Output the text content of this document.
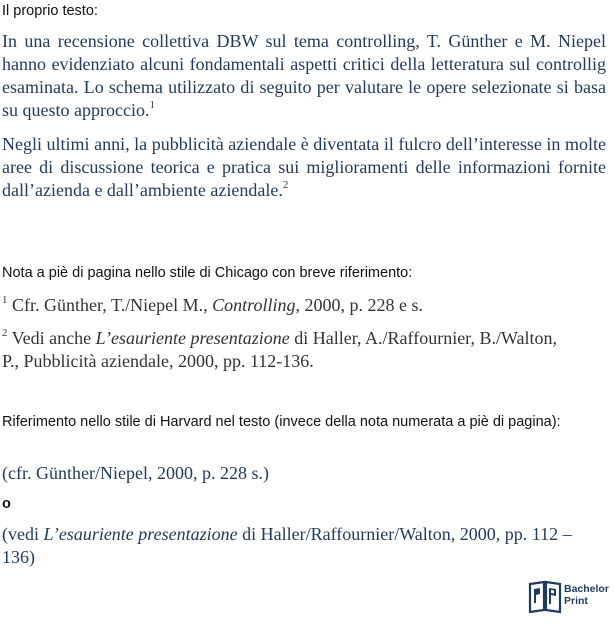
Il proprio testo:
In una recensione collettiva DBW sul tema controlling, T. Günther e M. Niepel hanno evidenziato alcuni fondamentali aspetti critici della letteratura sul controllig esaminata. Lo schema utilizzato di seguito per valutare le opere selezionate si basa su questo approccio.$^1$
Negli ultimi anni, la pubblicità aziendale è diventata il fulcro dell’interesse in molte aree di discussione teorica e pratica sui miglioramenti delle informazioni fornite dall’azienda e dall’ambiente aziendale.$^2$
Nota a piè di pagina nello stile di Chicago con breve riferimento:
$^1$ Cfr. Günther, T./Niepel M., Controlling, 2000, p. 228 e s.
$^2$ Vedi anche L’esauriente presentazione di Haller, A./Raffournier, B./Walton, P., Pubblicità aziendale, 2000, pp. 112-136.
Riferimento nello stile di Harvard nel testo (invece della nota numerata a piè di pagina):
(cfr. Günther/Niepel, 2000, p. 228 s.)
o
(vedi L’esauriente presentazione di Haller/Raffournier/Walton, 2000, pp. 112 – 136)
Bachelor
Print
